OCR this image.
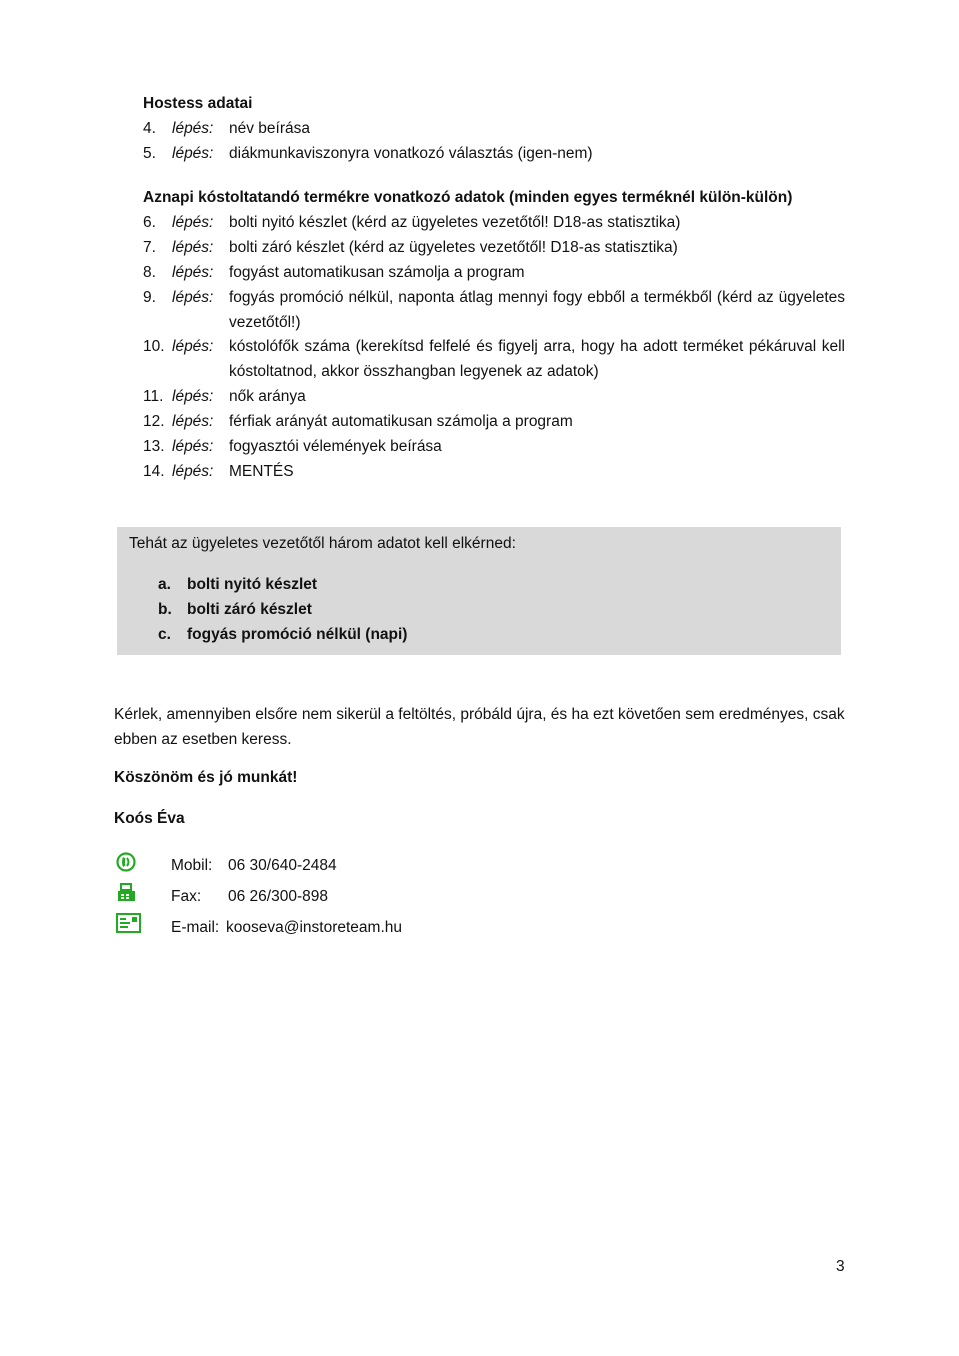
Hostess adatai
4. lépés: név beírása
5. lépés: diákmunkaviszonyra vonatkozó választás (igen-nem)
Aznapi kóstoltatandó termékre vonatkozó adatok (minden egyes terméknél külön-külön)
6. lépés: bolti nyitó készlet (kérd az ügyeletes vezetőtől! D18-as statisztika)
7. lépés: bolti záró készlet (kérd az ügyeletes vezetőtől! D18-as statisztika)
8. lépés: fogyást automatikusan számolja a program
9. lépés: fogyás promóció nélkül, naponta átlag mennyi fogy ebből a termékből (kérd az ügyeletes vezetőtől!)
10. lépés: kóstolófők száma (kerekítsd felfelé és figyelj arra, hogy ha adott terméket pékáruval kell kóstoltatnod, akkor összhangban legyenek az adatok)
11. lépés: nők aránya
12. lépés: férfiak arányát automatikusan számolja a program
13. lépés: fogyasztói vélemények beírása
14. lépés: MENTÉS
Tehát az ügyeletes vezetőtől három adatot kell elkérned:
a. bolti nyitó készlet
b. bolti záró készlet
c. fogyás promóció nélkül (napi)
Kérlek, amennyiben elsőre nem sikerül a feltöltés, próbáld újra, és ha ezt követően sem eredményes, csak ebben az esetben keress.
Köszönöm és jó munkát!
Koós Éva
Mobil: 06 30/640-2484
Fax: 06 26/300-898
E-mail: kooseva@instoreteam.hu
3
